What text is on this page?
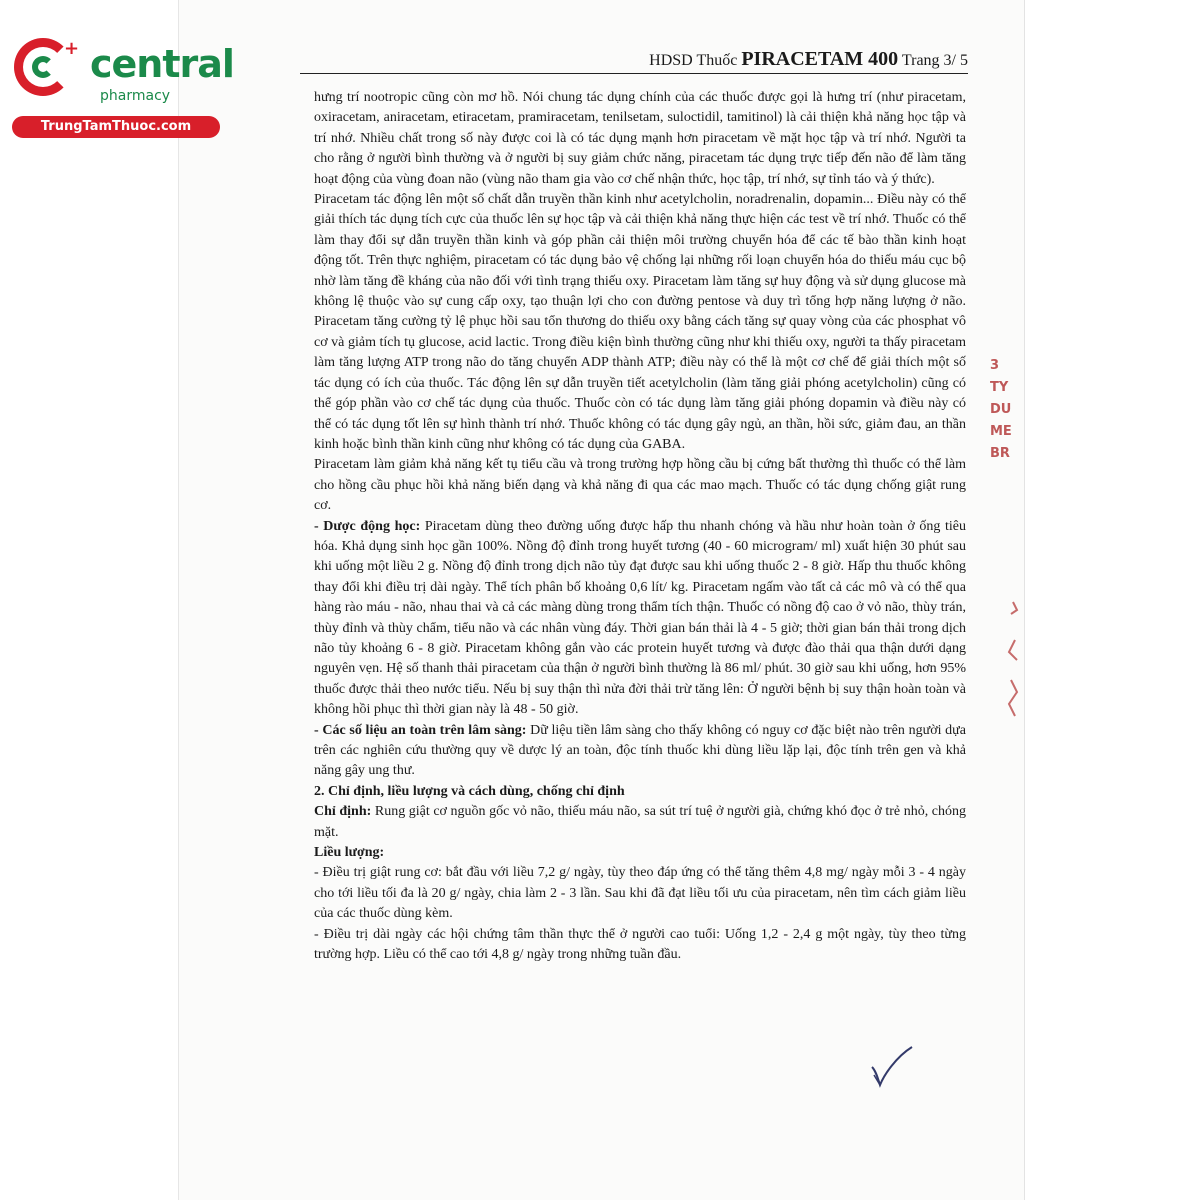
+ central
pharmacy
TrungTamThuoc.com
HDSD Thuốc PIRACETAM 400 Trang 3/ 5

hưng trí nootropic cũng còn mơ hồ. Nói chung tác dụng chính của các thuốc được gọi là hưng trí (như piracetam, oxiracetam, aniracetam, etiracetam, pramiracetam, tenilsetam, suloctidil, tamitinol) là cải thiện khả năng học tập và trí nhớ. Nhiều chất trong số này được coi là có tác dụng mạnh hơn piracetam về mặt học tập và trí nhớ. Người ta cho rằng ở người bình thường và ở người bị suy giảm chức năng, piracetam tác dụng trực tiếp đến não để làm tăng hoạt động của vùng đoan não (vùng não tham gia vào cơ chế nhận thức, học tập, trí nhớ, sự tỉnh táo và ý thức).

Piracetam tác động lên một số chất dẫn truyền thần kinh như acetylcholin, noradrenalin, dopamin... Điều này có thể giải thích tác dụng tích cực của thuốc lên sự học tập và cải thiện khả năng thực hiện các test về trí nhớ. Thuốc có thể làm thay đổi sự dẫn truyền thần kinh và góp phần cải thiện môi trường chuyển hóa để các tế bào thần kinh hoạt động tốt. Trên thực nghiệm, piracetam có tác dụng bảo vệ chống lại những rối loạn chuyển hóa do thiếu máu cục bộ nhờ làm tăng đề kháng của não đối với tình trạng thiếu oxy. Piracetam làm tăng sự huy động và sử dụng glucose mà không lệ thuộc vào sự cung cấp oxy, tạo thuận lợi cho con đường pentose và duy trì tổng hợp năng lượng ở não. Piracetam tăng cường tỷ lệ phục hồi sau tổn thương do thiếu oxy bằng cách tăng sự quay vòng của các phosphat vô cơ và giảm tích tụ glucose, acid lactic. Trong điều kiện bình thường cũng như khi thiếu oxy, người ta thấy piracetam làm tăng lượng ATP trong não do tăng chuyển ADP thành ATP; điều này có thể là một cơ chế để giải thích một số tác dụng có ích của thuốc. Tác động lên sự dẫn truyền tiết acetylcholin (làm tăng giải phóng acetylcholin) cũng có thể góp phần vào cơ chế tác dụng của thuốc. Thuốc còn có tác dụng làm tăng giải phóng dopamin và điều này có thể có tác dụng tốt lên sự hình thành trí nhớ. Thuốc không có tác dụng gây ngủ, an thần, hồi sức, giảm đau, an thần kinh hoặc bình thần kinh cũng như không có tác dụng của GABA.

Piracetam làm giảm khả năng kết tụ tiểu cầu và trong trường hợp hồng cầu bị cứng bất thường thì thuốc có thể làm cho hồng cầu phục hồi khả năng biến dạng và khả năng đi qua các mao mạch. Thuốc có tác dụng chống giật rung cơ.

- Dược động học: Piracetam dùng theo đường uống được hấp thu nhanh chóng và hầu như hoàn toàn ở ống tiêu hóa. Khả dụng sinh học gần 100%. Nồng độ đỉnh trong huyết tương (40 - 60 microgram/ ml) xuất hiện 30 phút sau khi uống một liều 2 g. Nồng độ đỉnh trong dịch não tủy đạt được sau khi uống thuốc 2 - 8 giờ. Hấp thu thuốc không thay đổi khi điều trị dài ngày. Thể tích phân bố khoảng 0,6 lít/ kg. Piracetam ngấm vào tất cả các mô và có thể qua hàng rào máu - não, nhau thai và cả các màng dùng trong thẩm tích thận. Thuốc có nồng độ cao ở vỏ não, thùy trán, thùy đỉnh và thùy chẩm, tiểu não và các nhân vùng đáy. Thời gian bán thải là 4 - 5 giờ; thời gian bán thải trong dịch não tủy khoảng 6 - 8 giờ. Piracetam không gắn vào các protein huyết tương và được đào thải qua thận dưới dạng nguyên vẹn. Hệ số thanh thải piracetam của thận ở người bình thường là 86 ml/ phút. 30 giờ sau khi uống, hơn 95% thuốc được thải theo nước tiểu. Nếu bị suy thận thì nửa đời thải trừ tăng lên: Ở người bệnh bị suy thận hoàn toàn và không hồi phục thì thời gian này là 48 - 50 giờ.

- Các số liệu an toàn trên lâm sàng: Dữ liệu tiền lâm sàng cho thấy không có nguy cơ đặc biệt nào trên người dựa trên các nghiên cứu thường quy về dược lý an toàn, độc tính thuốc khi dùng liều lặp lại, độc tính trên gen và khả năng gây ung thư.

2. Chỉ định, liều lượng và cách dùng, chống chỉ định

Chỉ định: Rung giật cơ nguồn gốc vỏ não, thiếu máu não, sa sút trí tuệ ở người già, chứng khó đọc ở trẻ nhỏ, chóng mặt.

Liều lượng:

- Điều trị giật rung cơ: bắt đầu với liều 7,2 g/ ngày, tùy theo đáp ứng có thể tăng thêm 4,8 mg/ ngày mỗi 3 - 4 ngày cho tới liều tối đa là 20 g/ ngày, chia làm 2 - 3 lần. Sau khi đã đạt liều tối ưu của piracetam, nên tìm cách giảm liều của các thuốc dùng kèm.

- Điều trị dài ngày các hội chứng tâm thần thực thể ở người cao tuổi: Uống 1,2 - 2,4 g một ngày, tùy theo từng trường hợp. Liều có thể cao tới 4,8 g/ ngày trong những tuần đầu.

3
TY
DU
ME
BR
